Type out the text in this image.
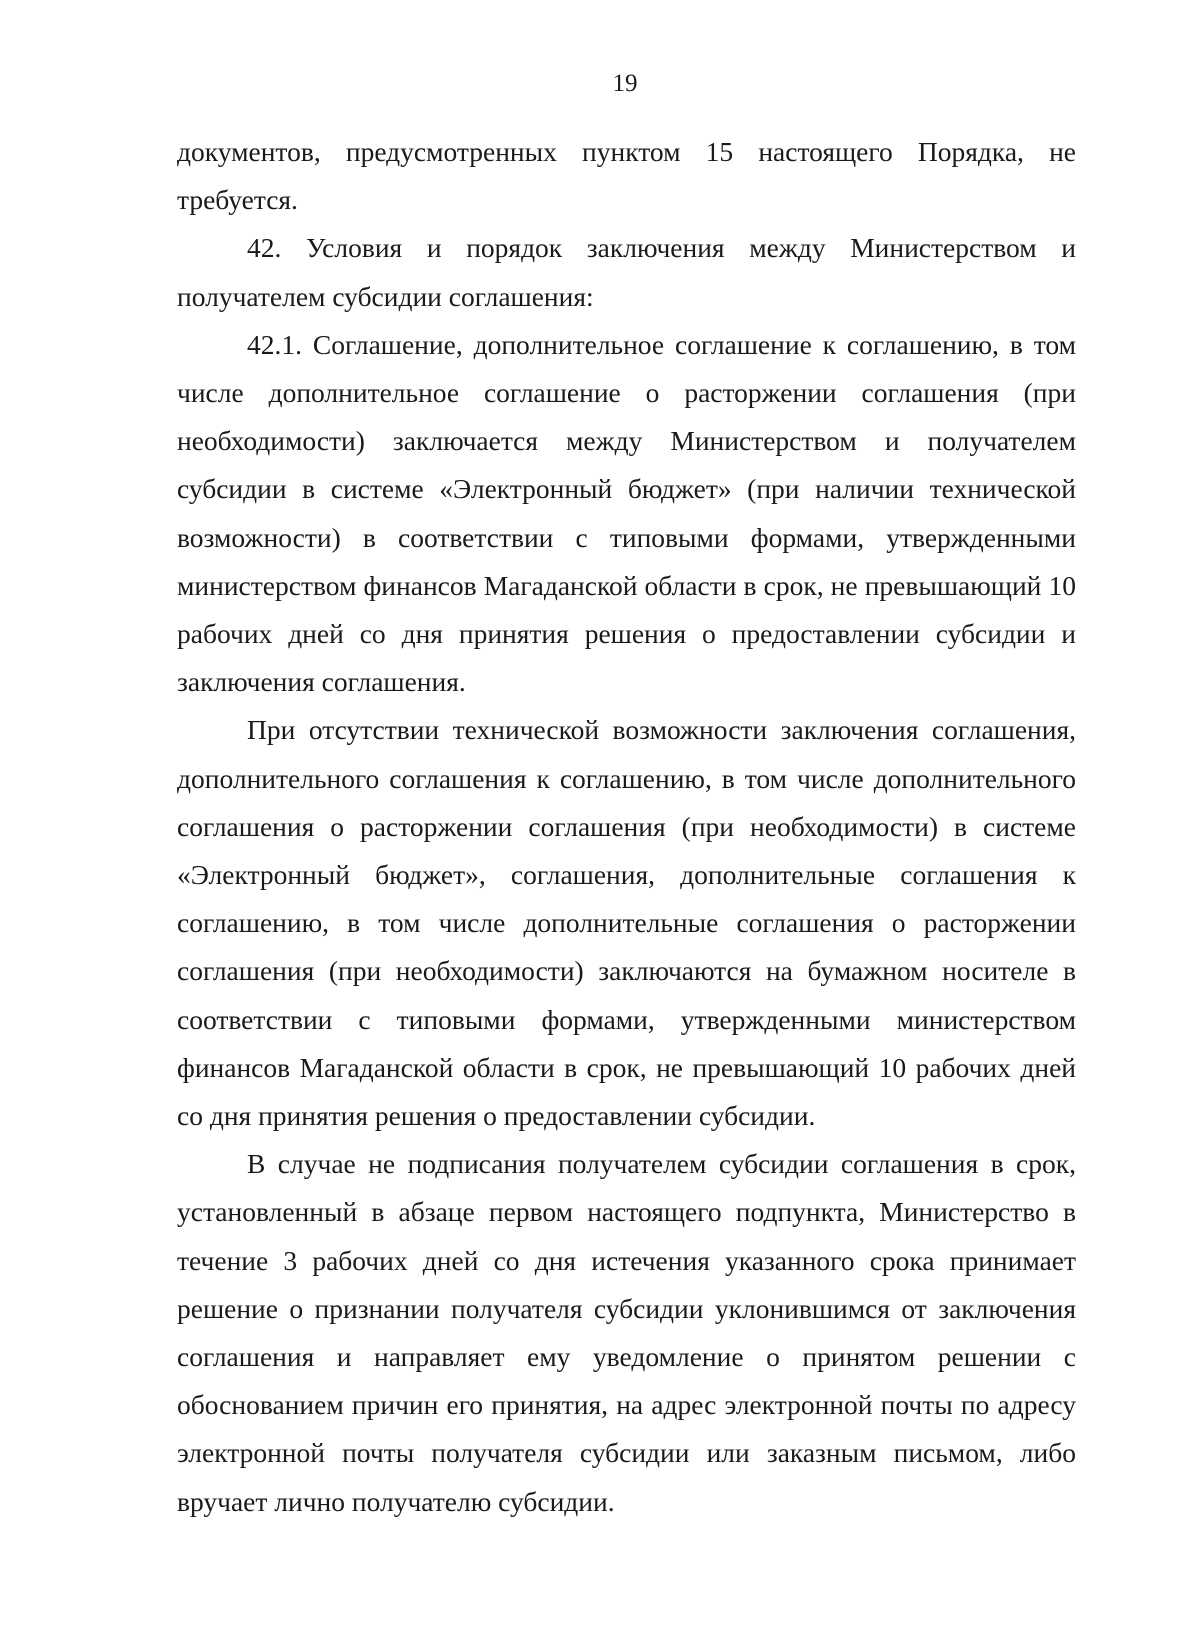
19

документов, предусмотренных пунктом 15 настоящего Порядка, не требуется.

42. Условия и порядок заключения между Министерством и получателем субсидии соглашения:

42.1. Соглашение, дополнительное соглашение к соглашению, в том числе дополнительное соглашение о расторжении соглашения (при необходимости) заключается между Министерством и получателем субсидии в системе «Электронный бюджет» (при наличии технической возможности) в соответствии с типовыми формами, утвержденными министерством финансов Магаданской области в срок, не превышающий 10 рабочих дней со дня принятия решения о предоставлении субсидии и заключения соглашения.

При отсутствии технической возможности заключения соглашения, дополнительного соглашения к соглашению, в том числе дополнительного соглашения о расторжении соглашения (при необходимости) в системе «Электронный бюджет», соглашения, дополнительные соглашения к соглашению, в том числе дополнительные соглашения о расторжении соглашения (при необходимости) заключаются на бумажном носителе в соответствии с типовыми формами, утвержденными министерством финансов Магаданской области в срок, не превышающий 10 рабочих дней со дня принятия решения о предоставлении субсидии.

В случае не подписания получателем субсидии соглашения в срок, установленный в абзаце первом настоящего подпункта, Министерство в течение 3 рабочих дней со дня истечения указанного срока принимает решение о признании получателя субсидии уклонившимся от заключения соглашения и направляет ему уведомление о принятом решении с обоснованием причин его принятия, на адрес электронной почты по адресу электронной почты получателя субсидии или заказным письмом, либо вручает лично получателю субсидии.
